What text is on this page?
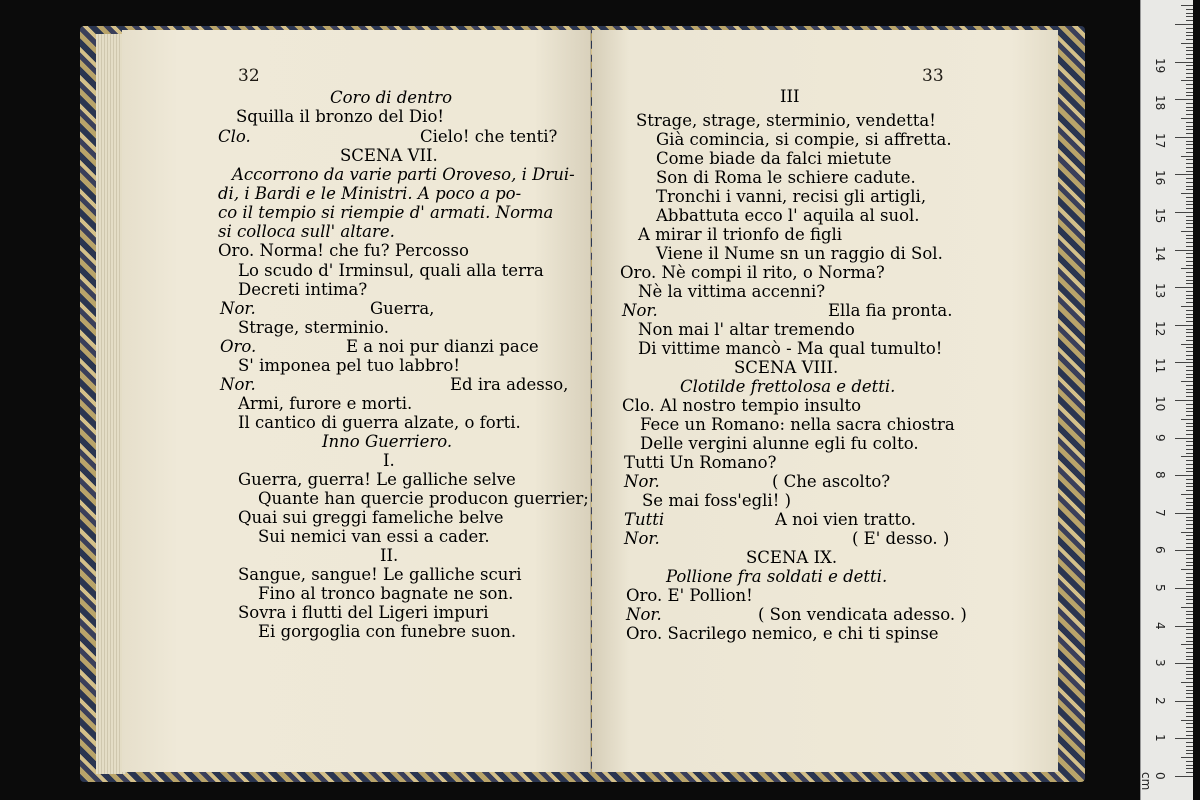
32	33
Coro di dentro
Squilla il bronzo del Dio!
Clo.	Cielo! che tenti?
SCENA VII.
Accorrono da varie parti Oroveso, i Drui-
di, i Bardi e le Ministri. A poco a po-
co il tempio si riempie d' armati. Norma
si colloca sull' altare.
Oro. Norma! che fu? Percosso
Lo scudo d' Irminsul, quali alla terra
Decreti intima?
Nor.	Guerra,
Strage, sterminio.
Oro.	E a noi pur dianzi pace
S' imponea pel tuo labbro!
Nor.	Ed ira adesso,
Armi, furore e morti.
Il cantico di guerra alzate, o forti.
Inno Guerriero.
I.
Guerra, guerra! Le galliche selve
Quante han quercie producon guerrier;
Quai sui greggi fameliche belve
Sui nemici van essi a cader.
II.
Sangue, sangue! Le galliche scuri
Fino al tronco bagnate ne son.
Sovra i flutti del Ligeri impuri
Ei gorgoglia con funebre suon.
III
Strage, strage, sterminio, vendetta!
Già comincia, si compie, si affretta.
Come biade da falci mietute
Son di Roma le schiere cadute.
Tronchi i vanni, recisi gli artigli,
Abbattuta ecco l' aquila al suol.
A mirar il trionfo de figli
Viene il Nume sn un raggio di Sol.
Oro. Nè compi il rito, o Norma?
Nè la vittima accenni?
Nor.	Ella fia pronta.
Non mai l' altar tremendo
Di vittime mancò - Ma qual tumulto!
SCENA VIII.
Clotilde frettolosa e detti.
Clo. Al nostro tempio insulto
Fece un Romano: nella sacra chiostra
Delle vergini alunne egli fu colto.
Tutti Un Romano?
Nor.	( Che ascolto?
Se mai foss'egli! )
Tutti	A noi vien tratto.
Nor.	( E' desso. )
SCENA IX.
Pollione fra soldati e detti.
Oro. E' Pollion!
Nor.	( Son vendicata adesso. )
Oro. Sacrilego nemico, e chi ti spinse
0 cm
1
2
3
4
5
6
7
8
9
10
11
12
13
14
15
16
17
18
19
